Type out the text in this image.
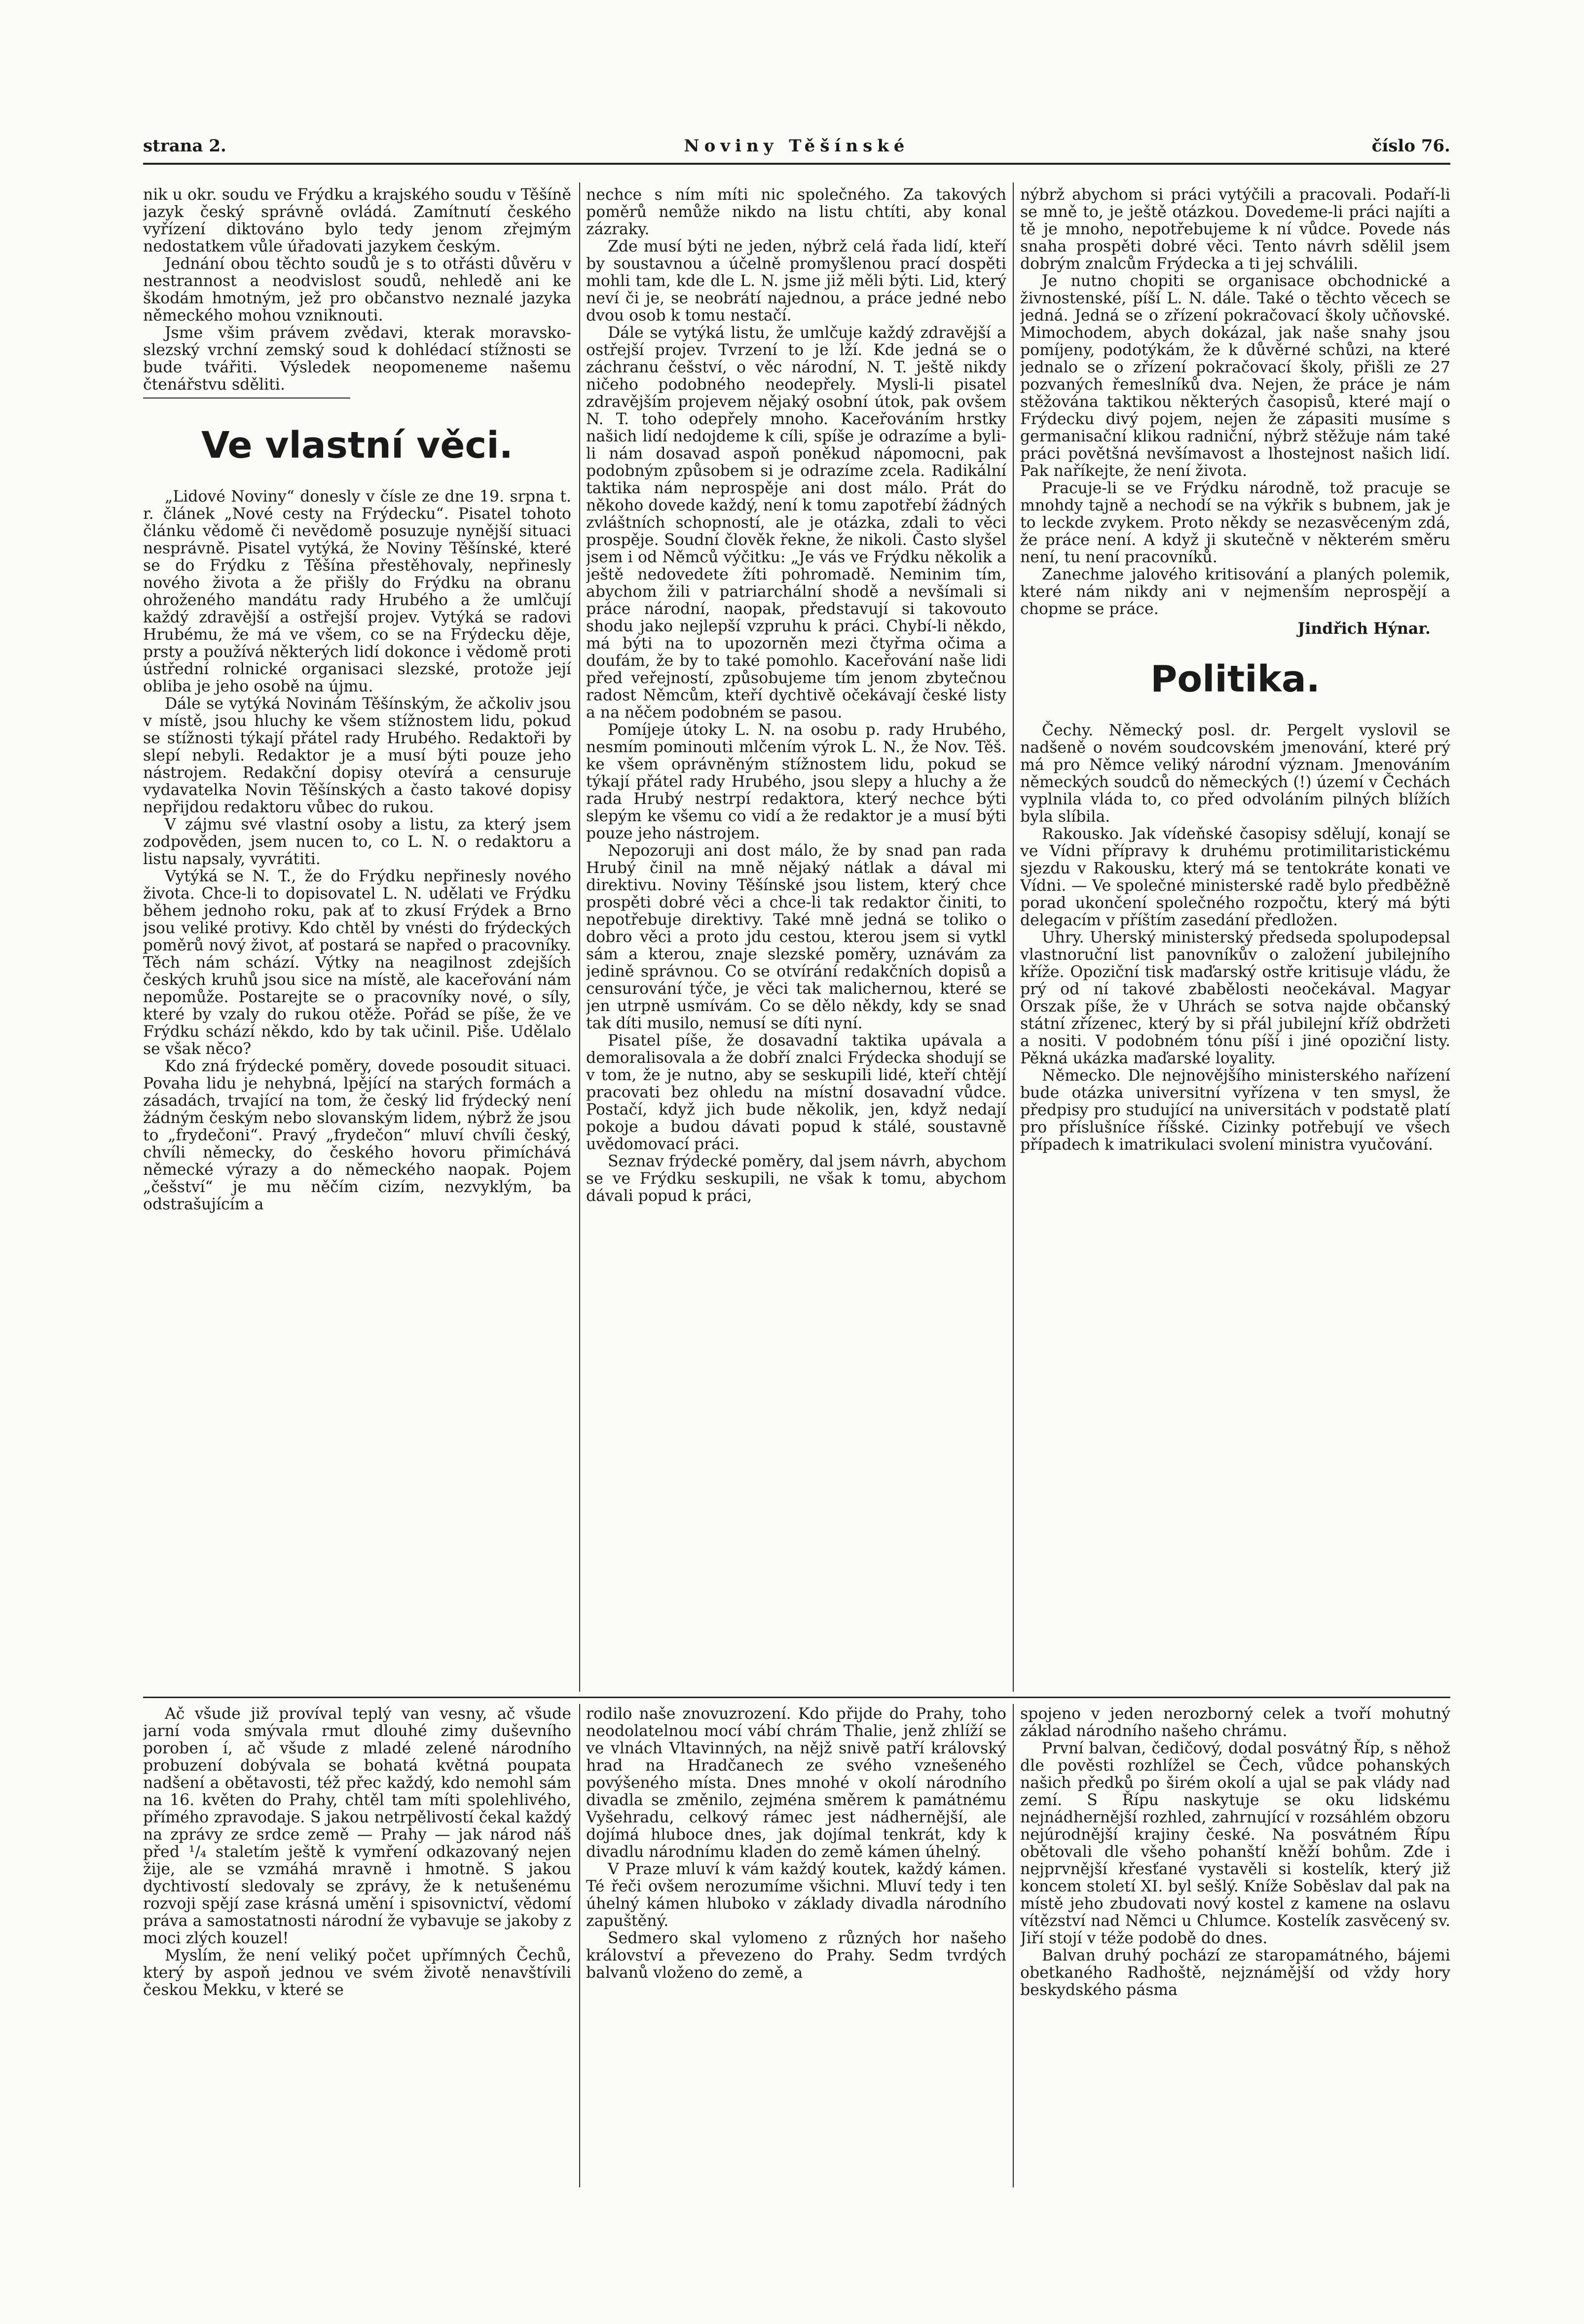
strana 2.	Noviny Těšínské	číslo 76.

nik u okr. soudu ve Frýdku a krajského soudu v Těšíně jazyk český správně ovládá. Zamítnutí českého vyřízení diktováno bylo tedy jenom zřejmým nedostatkem vůle úřadovati jazykem českým.

Jednání obou těchto soudů je s to otřásti důvěru v nestrannost a neodvislost soudů, nehledě ani ke škodám hmotným, jež pro občanstvo neznalé jazyka německého mohou vzniknouti.

Jsme všim právem zvědavi, kterak moravsko-slezský vrchní zemský soud k dohlédací stížnosti se bude tvářiti. Výsledek neopomeneme našemu čtenářstvu sděliti.

Ve vlastní věci.

„Lidové Noviny“ donesly v čísle ze dne 19. srpna t. r. článek „Nové cesty na Frýdecku“. Pisatel tohoto článku vědomě či nevědomě posuzuje nynější situaci nesprávně. Pisatel vytýká, že Noviny Těšínské, které se do Frýdku z Těšína přestěhovaly, nepřinesly nového života a že přišly do Frýdku na obranu ohroženého mandátu rady Hrubého a že umlčují každý zdravější a ostřejší projev. Vytýká se radovi Hrubému, že má ve všem, co se na Frýdecku děje, prsty a používá některých lidí dokonce i vědomě proti ústřední rolnické organisaci slezské, protože její obliba je jeho osobě na újmu.

Dále se vytýká Novinám Těšínským, že ačkoliv jsou v místě, jsou hluchy ke všem stížnostem lidu, pokud se stížnosti týkají přátel rady Hrubého. Redaktoři by slepí nebyli. Redaktor je a musí býti pouze jeho nástrojem. Redakční dopisy otevírá a censuruje vydavatelka Novin Těšínských a často takové dopisy nepřijdou redaktoru vůbec do rukou.

V zájmu své vlastní osoby a listu, za který jsem zodpověden, jsem nucen to, co L. N. o redaktoru a listu napsaly, vyvrátiti.

Vytýká se N. T., že do Frýdku nepřinesly nového života. Chce-li to dopisovatel L. N. udělati ve Frýdku během jednoho roku, pak ať to zkusí Frýdek a Brno jsou veliké protivy. Kdo chtěl by vnésti do frýdeckých poměrů nový život, ať postará se napřed o pracovníky. Těch nám schází. Výtky na neagilnost zdejších českých kruhů jsou sice na místě, ale kaceřování nám nepomůže. Postarejte se o pracovníky nové, o síly, které by vzaly do rukou otěže. Pořád se píše, že ve Frýdku schází někdo, kdo by tak učinil. Piše. Udělalo se však něco?

Kdo zná frýdecké poměry, dovede posoudit situaci. Povaha lidu je nehybná, lpějící na starých formách a zásadách, trvající na tom, že český lid frýdecký není žádným českým nebo slovanským lidem, nýbrž že jsou to „frydečoni“. Pravý „frydečon“ mluví chvíli český, chvíli německy, do českého hovoru přimíchává německé výrazy a do německého naopak. Pojem „češství“ je mu něčím cizím, nezvyklým, ba odstrašujícím a

nechce s ním míti nic společného. Za takových poměrů nemůže nikdo na listu chtíti, aby konal zázraky.

Zde musí býti ne jeden, nýbrž celá řada lidí, kteří by soustavnou a účelně promyšlenou prací dospěti mohli tam, kde dle L. N. jsme již měli býti. Lid, který neví či je, se neobrátí najednou, a práce jedné nebo dvou osob k tomu nestačí.

Dále se vytýká listu, že umlčuje každý zdravější a ostřejší projev. Tvrzení to je lží. Kde jedná se o záchranu češství, o věc národní, N. T. ještě nikdy ničeho podobného neodepřely. Mysli-li pisatel zdravějším projevem nějaký osobní útok, pak ovšem N. T. toho odepřely mnoho. Kaceřováním hrstky našich lidí nedojdeme k cíli, spíše je odrazíme a byli-li nám dosavad aspoň poněkud nápomocni, pak podobným způsobem si je odrazíme zcela. Radikální taktika nám neprospěje ani dost málo. Prát do někoho dovede každý, není k tomu zapotřebí žádných zvláštních schopností, ale je otázka, zdali to věci prospěje. Soudní člověk řekne, že nikoli. Často slyšel jsem i od Němců výčitku: „Je vás ve Frýdku několik a ještě nedovedete žíti pohromadě. Neminim tím, abychom žili v patriarchální shodě a nevšímali si práce národní, naopak, představují si takovouto shodu jako nejlepší vzpruhu k práci. Chybí-li někdo, má býti na to upozorněn mezi čtyřma očima a doufám, že by to také pomohlo. Kaceřování naše lidi před veřejností, způsobujeme tím jenom zbytečnou radost Němcům, kteří dychtivě očekávají české listy a na něčem podobném se pasou.

Pomíjeje útoky L. N. na osobu p. rady Hrubého, nesmím pominouti mlčením výrok L. N., že Nov. Těš. ke všem oprávněným stížnostem lidu, pokud se týkají přátel rady Hrubého, jsou slepy a hluchy a že rada Hrubý nestrpí redaktora, který nechce býti slepým ke všemu co vidí a že redaktor je a musí býti pouze jeho nástrojem.

Nepozoruji ani dost málo, že by snad pan rada Hrubý činil na mně nějaký nátlak a dával mi direktivu. Noviny Těšínské jsou listem, který chce prospěti dobré věci a chce-li tak redaktor činiti, to nepotřebuje direktivy. Také mně jedná se toliko o dobro věci a proto jdu cestou, kterou jsem si vytkl sám a kterou, znaje slezské poměry, uznávám za jedině správnou. Co se otvírání redakčních dopisů a censurování týče, je věci tak malichernou, které se jen utrpně usmívám. Co se dělo někdy, kdy se snad tak díti musilo, nemusí se díti nyní.

Pisatel píše, že dosavadní taktika upávala a demoralisovala a že dobří znalci Frýdecka shodují se v tom, že je nutno, aby se seskupili lidé, kteří chtějí pracovati bez ohledu na místní dosavadní vůdce. Postačí, když jich bude několik, jen, když nedají pokoje a budou dávati popud k stálé, soustavně uvědomovací práci.

Seznav frýdecké poměry, dal jsem návrh, abychom se ve Frýdku seskupili, ne však k tomu, abychom dávali popud k práci,

nýbrž abychom si práci vytýčili a pracovali. Podaří-li se mně to, je ještě otázkou. Dovedeme-li práci najíti a tě je mnoho, nepotřebujeme k ní vůdce. Povede nás snaha prospěti dobré věci. Tento návrh sdělil jsem dobrým znalcům Frýdecka a ti jej schválili.

Je nutno chopiti se organisace obchodnické a živnostenské, píší L. N. dále. Také o těchto věcech se jedná. Jedná se o zřízení pokračovací školy učňovské. Mimochodem, abych dokázal, jak naše snahy jsou pomíjeny, podotýkám, že k důvěrné schůzi, na které jednalo se o zřízení pokračovací školy, přišli ze 27 pozvaných řemeslníků dva. Nejen, že práce je nám stěžována taktikou některých časopisů, které mají o Frýdecku divý pojem, nejen že zápasiti musíme s germanisační klikou radniční, nýbrž stěžuje nám také práci povětšná nevšímavost a lhostejnost našich lidí. Pak naříkejte, že není života.

Pracuje-li se ve Frýdku národně, tož pracuje se mnohdy tajně a nechodí se na výkřik s bubnem, jak je to leckde zvykem. Proto někdy se nezasvěceným zdá, že práce není. A když ji skutečně v některém směru není, tu není pracovníků.

Zanechme jalového kritisování a planých polemik, které nám nikdy ani v nejmenším neprospějí a chopme se práce.

Jindřich Hýnar.

Politika.

Čechy. Německý posl. dr. Pergelt vyslovil se nadšeně o novém soudcovském jmenování, které prý má pro Němce veliký národní význam. Jmenováním německých soudců do německých (!) území v Čechách vyplnila vláda to, co před odvoláním pilných blížích byla slíbila.

Rakousko. Jak vídeňské časopisy sdělují, konají se ve Vídni přípravy k druhému protimilitaristickému sjezdu v Rakousku, který má se tentokráte konati ve Vídni. — Ve společné ministerské radě bylo předběžně porad ukončení společného rozpočtu, který má býti delegacím v příštím zasedání předložen.

Uhry. Uherský ministerský předseda spolupodepsal vlastnoruční list panovníkův o založení jubilejního kříže. Opoziční tisk maďarský ostře kritisuje vládu, že prý od ní takové zbabělosti neočekával. Magyar Orszak píše, že v Uhrách se sotva najde občanský státní zřízenec, který by si přál jubilejní kříž obdržeti a nositi. V podobném tónu píší i jiné opoziční listy. Pěkná ukázka maďarské loyality.

Německo. Dle nejnovějšího ministerského nařízení bude otázka universitní vyřízena v ten smysl, že předpisy pro studující na universitách v podstatě platí pro příslušníce říšské. Cizinky potřebují ve všech případech k imatrikulaci svolení ministra vyučování.

Ač všude již províval teplý van vesny, ač všude jarní voda smývala rmut dlouhé zimy duševního poroben í, ač všude z mladé zelené národního probuzení dobývala se bohatá květná poupata nadšení a obětavosti, též přec každý, kdo nemohl sám na 16. květen do Prahy, chtěl tam míti spolehlivého, přímého zpravodaje. S jakou netrpělivostí čekal každý na zprávy ze srdce země — Prahy — jak národ náš před ¹/₄ staletím ještě k vymření odkazovaný nejen žije, ale se vzmáhá mravně i hmotně. S jakou dychtivostí sledovaly se zprávy, že k netušenému rozvoji spějí zase krásná umění i spisovnictví, vědomí práva a samostatnosti národní že vybavuje se jakoby z moci zlých kouzel!

Myslím, že není veliký počet upřímných Čechů, který by aspoň jednou ve svém životě nenavštívili českou Mekku, v které se

rodilo naše znovuzrození. Kdo přijde do Prahy, toho neodolatelnou mocí vábí chrám Thalie, jenž zhlíží se ve vlnách Vltavinných, na nějž snivě patří královský hrad na Hradčanech ze svého vznešeného povýšeného místa. Dnes mnohé v okolí národního divadla se změnilo, zejména směrem k památnému Vyšehradu, celkový rámec jest nádhernější, ale dojímá hluboce dnes, jak dojímal tenkrát, kdy k divadlu národnímu kladen do země kámen úhelný.

V Praze mluví k vám každý koutek, každý kámen. Té řeči ovšem nerozumíme všichni. Mluví tedy i ten úhelný kámen hluboko v základy divadla národního zapuštěný.

Sedmero skal vylomeno z různých hor našeho království a převezeno do Prahy. Sedm tvrdých balvanů vloženo do země, a

spojeno v jeden nerozborný celek a tvoří mohutný základ národního našeho chrámu.

První balvan, čedičový, dodal posvátný Říp, s něhož dle pověsti rozhlížel se Čech, vůdce pohanských našich předků po širém okolí a ujal se pak vlády nad zemí. S Řípu naskytuje se oku lidskému nejnádhernější rozhled, zahrnující v rozsáhlém obzoru nejúrodnější krajiny české. Na posvátném Řípu obětovali dle všeho pohanští kněží bohům. Zde i nejprvnější křesťané vystavěli si kostelík, který již koncem století XI. byl sešlý. Kníže Soběslav dal pak na místě jeho zbudovati nový kostel z kamene na oslavu vítězství nad Němci u Chlumce. Kostelík zasvěcený sv. Jiří stojí v téže podobě do dnes.

Balvan druhý pochází ze staropamátného, bájemi obetkaného Radhoště, nejznámější od vždy hory beskydského pásma
